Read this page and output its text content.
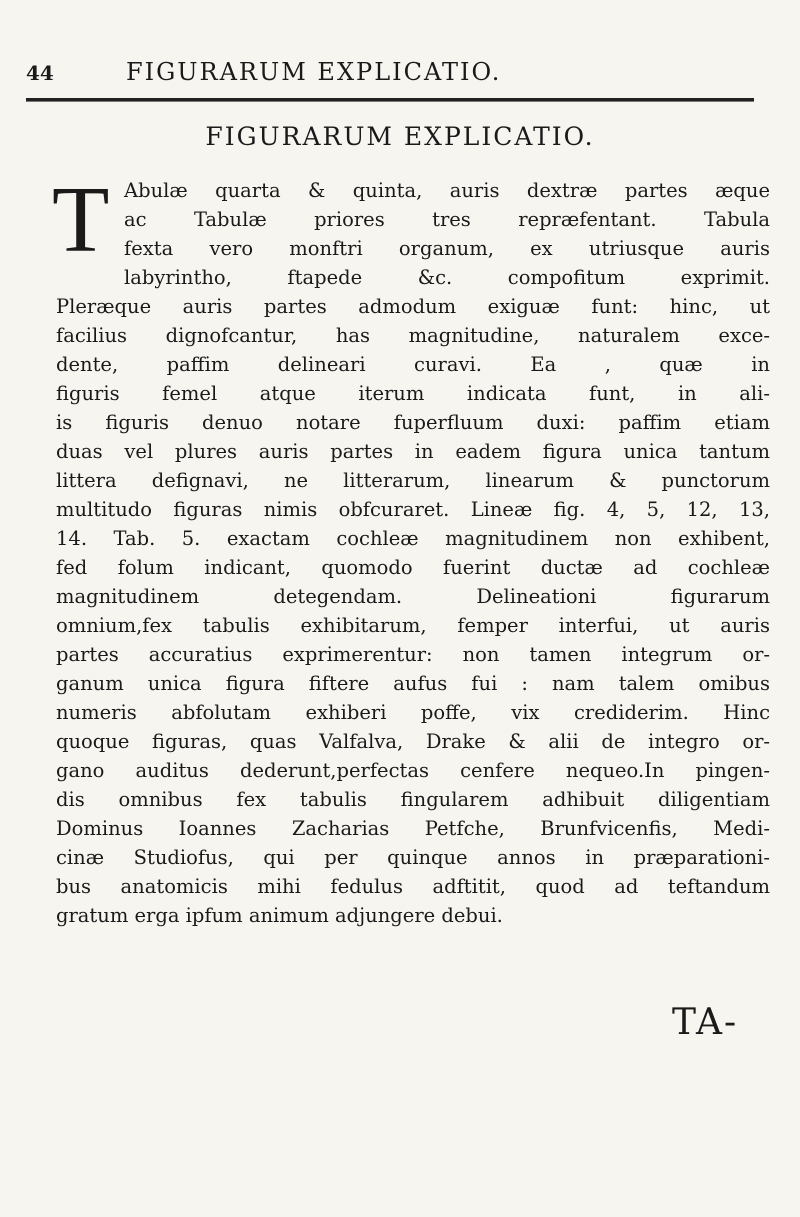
44	FIGURARUM EXPLICATIO.
FIGURARUM EXPLICATIO.
T Abulæ quarta & quinta, auris dextræ partes æque
ac Tabulæ priores tres repræfentant. Tabula
fexta vero monftri organum, ex utriusque auris
labyrintho, ftapede &c. compofitum exprimit.
Pleræque auris partes admodum exiguæ funt: hinc, ut
facilius dignofcantur, has magnitudine, naturalem exce-
dente, paffim delineari curavi. Ea , quæ in
figuris femel atque iterum indicata funt, in ali-
is figuris denuo notare fuperfluum duxi: paffim etiam
duas vel plures auris partes in eadem figura unica tantum
littera defignavi, ne litterarum, linearum & punctorum
multitudo figuras nimis obfcuraret. Lineæ fig. 4, 5, 12, 13,
14. Tab. 5. exactam cochleæ magnitudinem non exhibent,
fed folum indicant, quomodo fuerint ductæ ad cochleæ
magnitudinem detegendam. Delineationi figurarum
omnium,fex tabulis exhibitarum, femper interfui, ut auris
partes accuratius exprimerentur: non tamen integrum or-
ganum unica figura fiftere aufus fui : nam talem omibus
numeris abfolutam exhiberi poffe, vix crediderim. Hinc
quoque figuras, quas Valfalva, Drake & alii de integro or-
gano auditus dederunt,perfectas cenfere nequeo.In pingen-
dis omnibus fex tabulis fingularem adhibuit diligentiam
Dominus Ioannes Zacharias Petfche, Brunfvicenfis, Medi-
cinæ Studiofus, qui per quinque annos in præparationi-
bus anatomicis mihi fedulus adftitit, quod ad teftandum
gratum erga ipfum animum adjungere debui.
TA-
